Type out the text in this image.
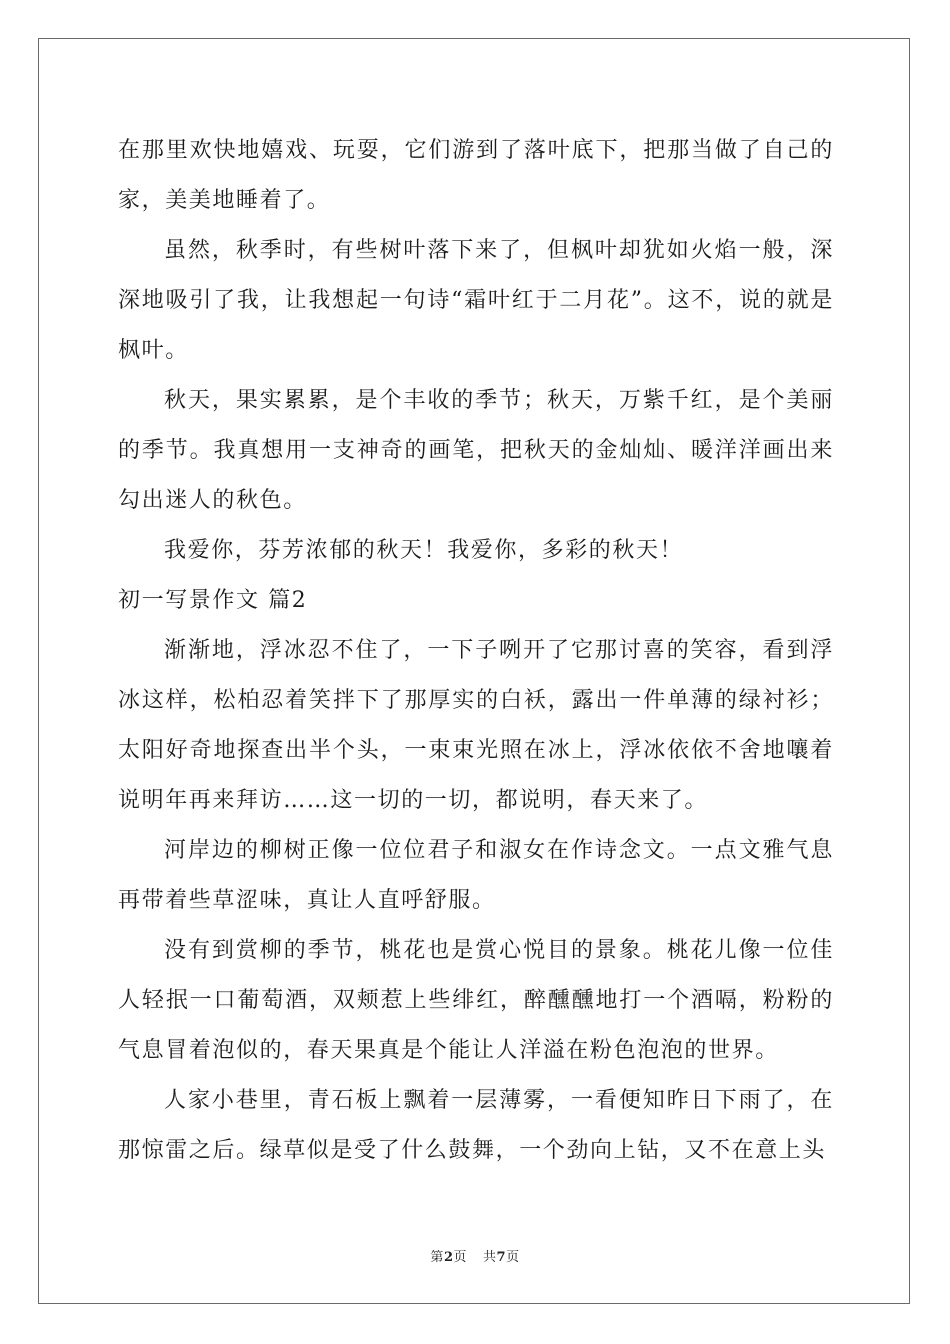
在那里欢快地嬉戏、玩耍，它们游到了落叶底下，把那当做了自己的家，美美地睡着了。

虽然，秋季时，有些树叶落下来了，但枫叶却犹如火焰一般，深深地吸引了我，让我想起一句诗“霜叶红于二月花”。这不，说的就是枫叶。

秋天，果实累累，是个丰收的季节；秋天，万紫千红，是个美丽的季节。我真想用一支神奇的画笔，把秋天的金灿灿、暖洋洋画出来勾出迷人的秋色。

我爱你，芬芳浓郁的秋天！我爱你，多彩的秋天！

初一写景作文 篇2

渐渐地，浮冰忍不住了，一下子咧开了它那讨喜的笑容，看到浮冰这样，松柏忍着笑拌下了那厚实的白袄，露出一件单薄的绿衬衫；太阳好奇地探查出半个头，一束束光照在冰上，浮冰依依不舍地嚷着说明年再来拜访……这一切的一切，都说明，春天来了。

河岸边的柳树正像一位位君子和淑女在作诗念文。一点文雅气息再带着些草涩味，真让人直呼舒服。

没有到赏柳的季节，桃花也是赏心悦目的景象。桃花儿像一位佳人轻抿一口葡萄酒，双颊惹上些绯红，醉醺醺地打一个酒嗝，粉粉的气息冒着泡似的，春天果真是个能让人洋溢在粉色泡泡的世界。

人家小巷里，青石板上飘着一层薄雾，一看便知昨日下雨了，在那惊雷之后。绿草似是受了什么鼓舞，一个劲向上钻，又不在意上头

第2页 共7页
